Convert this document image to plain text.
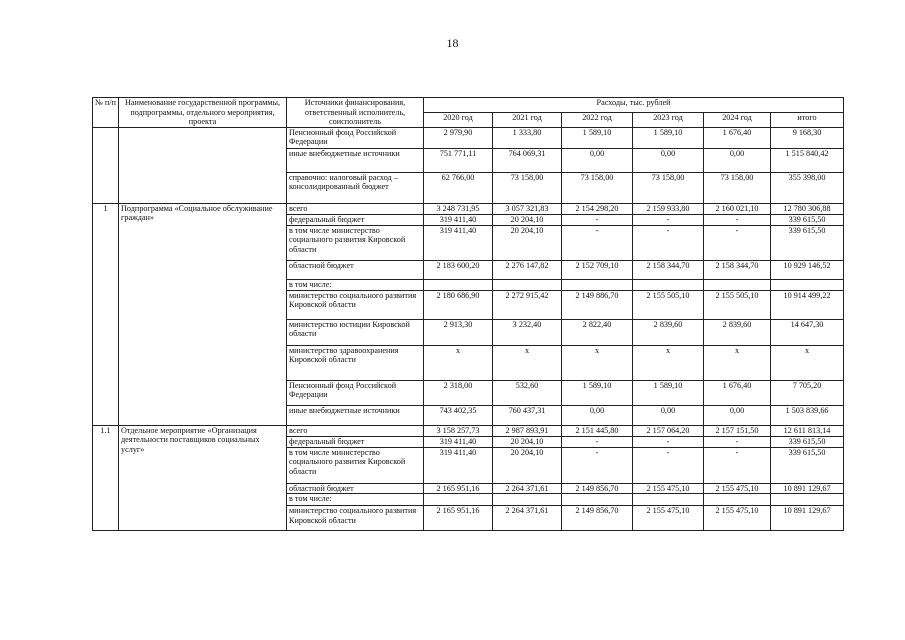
18
№ п/п	Наименование государственной программы, подпрограммы, отдельного мероприятия, проекта	Источники финансирования, ответственный исполнитель, соисполнитель	Расходы, тыс. рублей					
			2020 год	2021 год	2022 год	2023 год	2024 год	итого
		Пенсионный фонд Российской Федерации	2 979,90	1 333,80	1 589,10	1 589,10	1 676,40	9 168,30
		иные внебюджетные источники	751 771,11	764 069,31	0,00	0,00	0,00	1 515 840,42
		справочно: налоговый расход – консолидированный бюджет	62 766,00	73 158,00	73 158,00	73 158,00	73 158,00	355 398,00
1	Подпрограмма «Социальное обслуживание граждан»	всего	3 248 731,95	3 057 321,83	2 154 298,20	2 159 933,80	2 160 021,10	12 780 306,88
		федеральный бюджет	319 411,40	20 204,10	-	-	-	339 615,50
		в том числе министерство социального развития Кировской области	319 411,40	20 204,10	-	-	-	339 615,50
		областной бюджет	2 183 600,20	2 276 147,82	2 152 709,10	2 158 344,70	2 158 344,70	10 929 146,52
		в том числе:						
		министерство социального развития Кировской области	2 180 686,90	2 272 915,42	2 149 886,70	2 155 505,10	2 155 505,10	10 914 499,22
		министерство юстиции Кировской области	2 913,30	3 232,40	2 822,40	2 839,60	2 839,60	14 647,30
		министерство здравоохранения Кировской области	x	x	x	x	x	x
		Пенсионный фонд Российской Федерации	2 318,00	532,60	1 589,10	1 589,10	1 676,40	7 705,20
		иные внебюджетные источники	743 402,35	760 437,31	0,00	0,00	0,00	1 503 839,66
1.1	Отдельное мероприятие «Организация деятельности поставщиков социальных услуг»	всего	3 158 257,73	2 987 893,91	2 151 445,80	2 157 064,20	2 157 151,50	12 611 813,14
		федеральный бюджет	319 411,40	20 204,10	-	-	-	339 615,50
		в том числе министерство социального развития Кировской области	319 411,40	20 204,10	-	-	-	339 615,50
		областной бюджет	2 165 951,16	2 264 371,61	2 149 856,70	2 155 475,10	2 155 475,10	10 891 129,67
		в том числе:						
		министерство социального развития Кировской области	2 165 951,16	2 264 371,61	2 149 856,70	2 155 475,10	2 155 475,10	10 891 129,67
